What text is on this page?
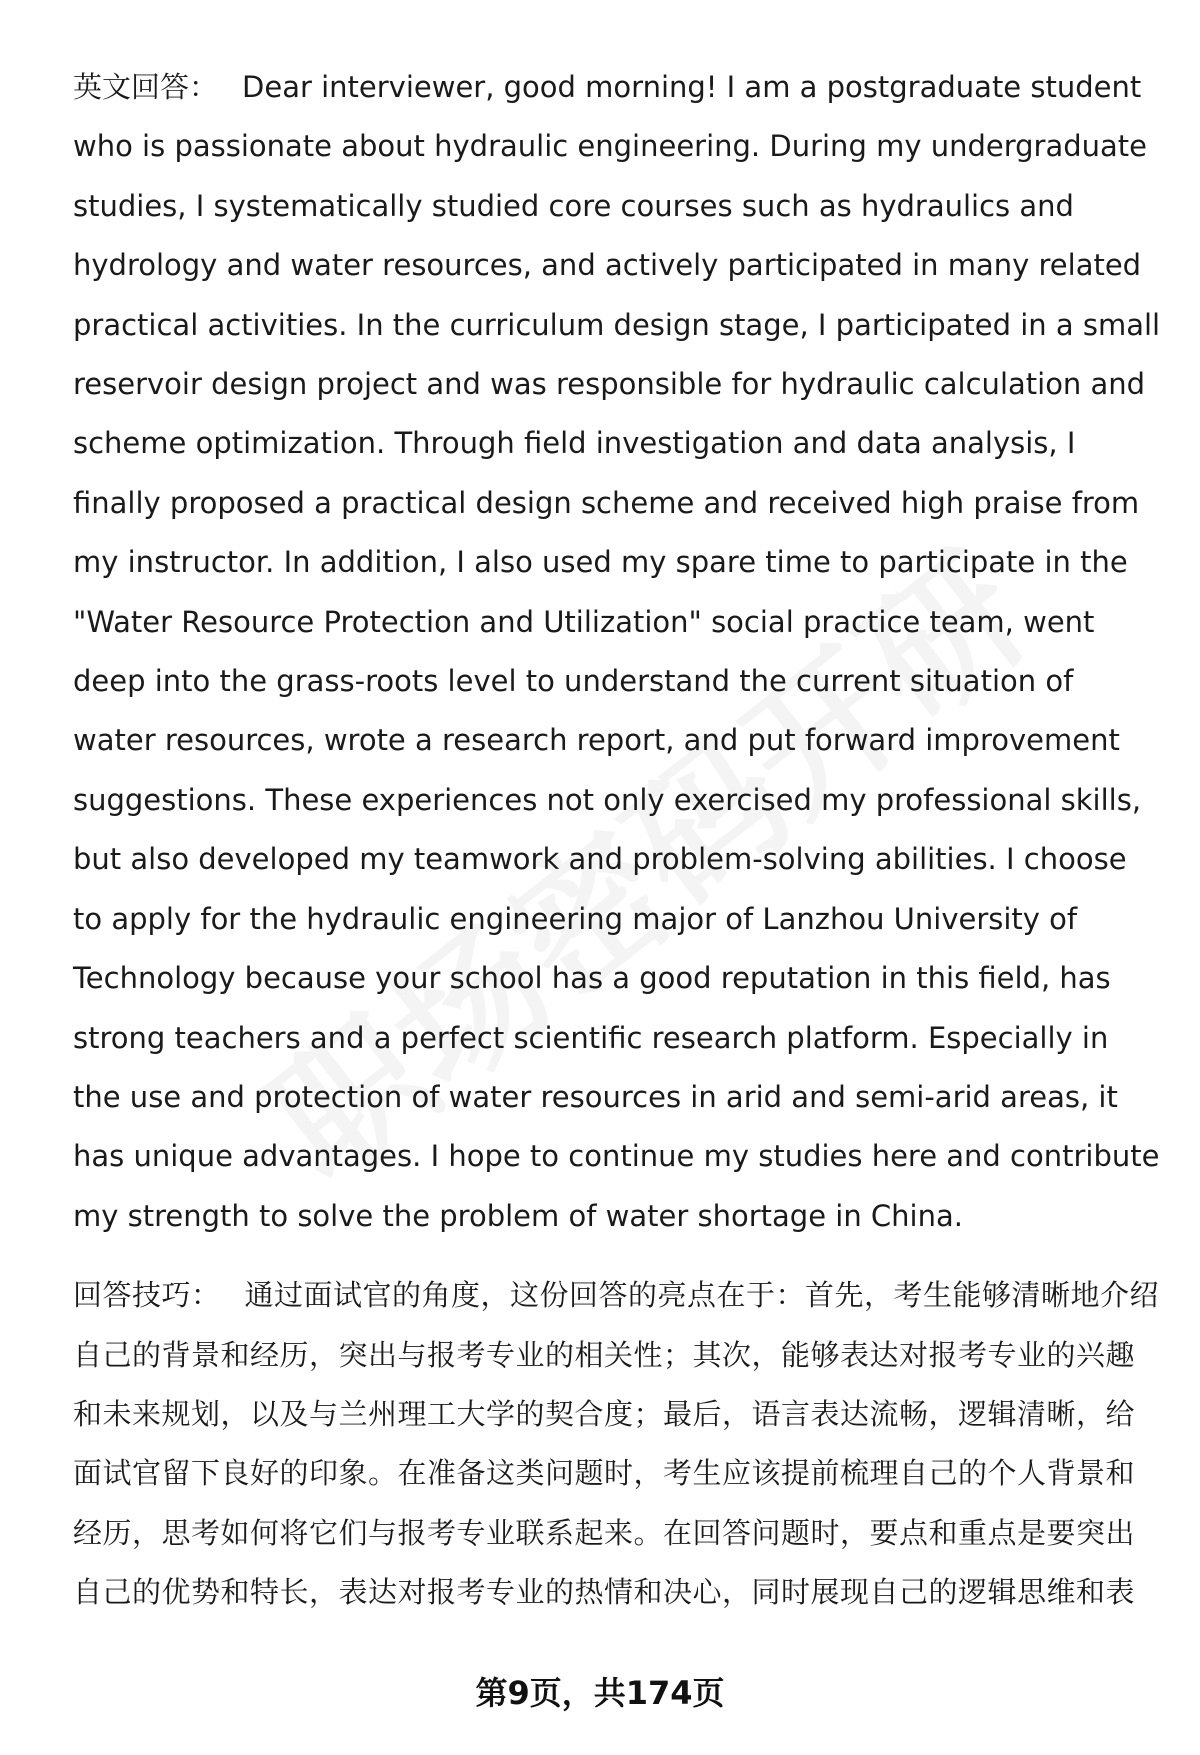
英文回答： Dear interviewer, good morning! I am a postgraduate student who is passionate about hydraulic engineering. During my undergraduate studies, I systematically studied core courses such as hydraulics and hydrology and water resources, and actively participated in many related practical activities. In the curriculum design stage, I participated in a small reservoir design project and was responsible for hydraulic calculation and scheme optimization. Through field investigation and data analysis, I finally proposed a practical design scheme and received high praise from my instructor. In addition, I also used my spare time to participate in the "Water Resource Protection and Utilization" social practice team, went deep into the grass-roots level to understand the current situation of water resources, wrote a research report, and put forward improvement suggestions. These experiences not only exercised my professional skills, but also developed my teamwork and problem-solving abilities. I choose to apply for the hydraulic engineering major of Lanzhou University of Technology because your school has a good reputation in this field, has strong teachers and a perfect scientific research platform. Especially in the use and protection of water resources in arid and semi-arid areas, it has unique advantages. I hope to continue my studies here and contribute my strength to solve the problem of water shortage in China.

回答技巧： 通过面试官的角度，这份回答的亮点在于：首先，考生能够清晰地介绍自己的背景和经历，突出与报考专业的相关性；其次，能够表达对报考专业的兴趣和未来规划，以及与兰州理工大学的契合度；最后，语言表达流畅，逻辑清晰，给面试官留下良好的印象。在准备这类问题时，考生应该提前梳理自己的个人背景和经历，思考如何将它们与报考专业联系起来。在回答问题时，要点和重点是要突出自己的优势和特长，表达对报考专业的热情和决心，同时展现自己的逻辑思维和表

第9页，共174页
